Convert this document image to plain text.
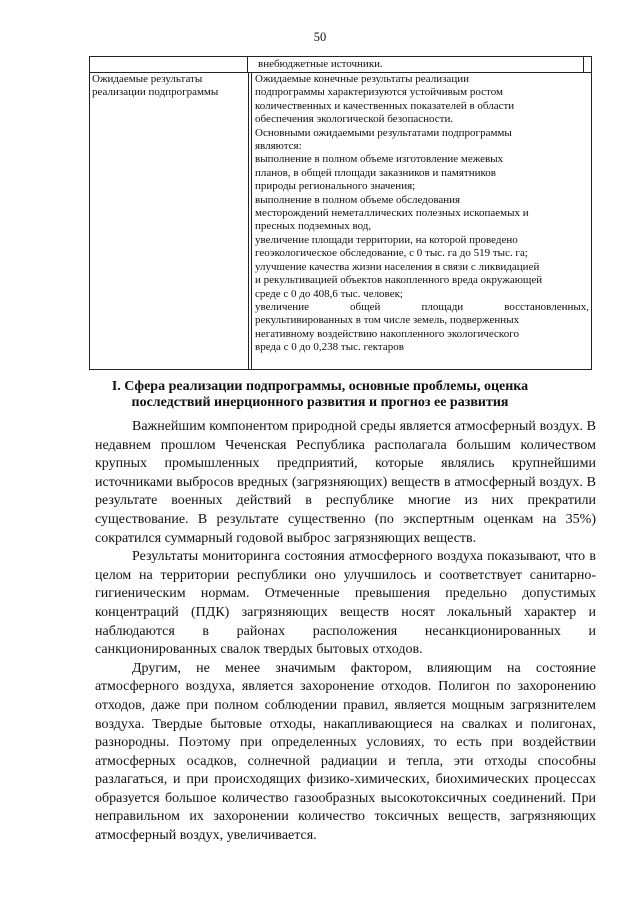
50
внебюджетные источники.
Ожидаемые результаты реализации подпрограммы

Ожидаемые конечные результаты реализации

подпрограммы характеризуются устойчивым ростом

количественных и качественных показателей в области

обеспечения экологической безопасности.

Основными ожидаемыми результатами подпрограммы

являются:

выполнение в полном объеме изготовление межевых

планов, в общей площади заказников и памятников

природы регионального значения;

выполнение в полном объеме обследования

месторождений неметаллических полезных ископаемых и

пресных подземных вод,

увеличение площади территории, на которой проведено

геоэкологическое обследование, с 0 тыс. га до 519 тыс. га;

улучшение качества жизни населения в связи с ликвидацией

и рекультивацией объектов накопленного вреда окружающей

среде с 0 до 408,6 тыс. человек;

увеличение общей площади восстановленных,

рекультивированных в том числе земель, подверженных

негативному воздействию накопленного экологического

вреда с 0 до 0,238 тыс. гектаров

I. Сфера реализации подпрограммы, основные проблемы, оценка последствий инерционного развития и прогноз ее развития

Важнейшим компонентом природной среды является атмосферный воздух. В недавнем прошлом Чеченская Республика располагала большим количеством крупных промышленных предприятий, которые являлись крупнейшими источниками выбросов вредных (загрязняющих) веществ в атмосферный воздух. В результате военных действий в республике многие из них прекратили существование. В результате существенно (по экспертным оценкам на 35%) сократился суммарный годовой выброс загрязняющих веществ.

Результаты мониторинга состояния атмосферного воздуха показывают, что в целом на территории республики оно улучшилось и соответствует санитарно-гигиеническим нормам. Отмеченные превышения предельно допустимых концентраций (ПДК) загрязняющих веществ носят локальный характер и наблюдаются в районах расположения несанкционированных и санкционированных свалок твердых бытовых отходов.

Другим, не менее значимым фактором, влияющим на состояние атмосферного воздуха, является захоронение отходов. Полигон по захоронению отходов, даже при полном соблюдении правил, является мощным загрязнителем воздуха. Твердые бытовые отходы, накапливающиеся на свалках и полигонах, разнородны. Поэтому при определенных условиях, то есть при воздействии атмосферных осадков, солнечной радиации и тепла, эти отходы способны разлагаться, и при происходящих физико-химических, биохимических процессах образуется большое количество газообразных высокотоксичных соединений. При неправильном их захоронении количество токсичных веществ, загрязняющих атмосферный воздух, увеличивается.
